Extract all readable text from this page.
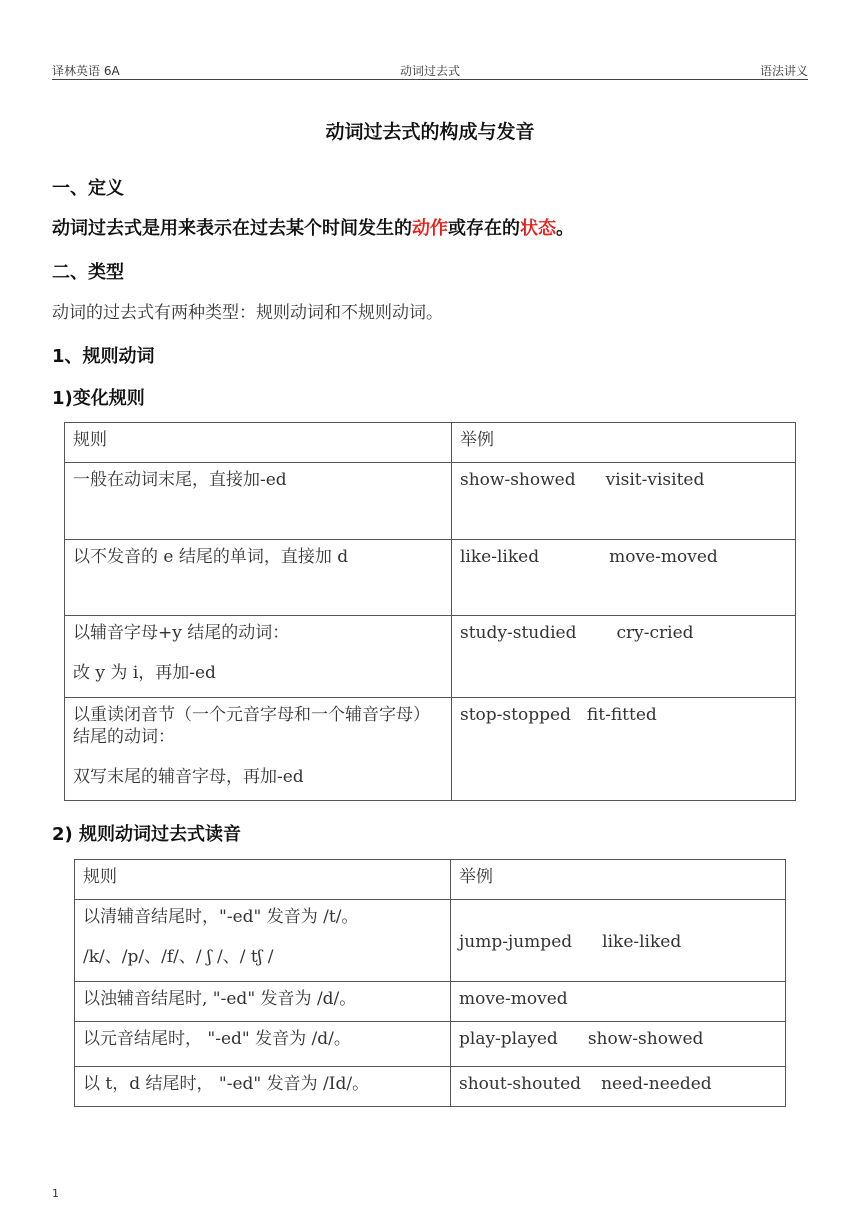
译林英语 6A	动词过去式	语法讲义
动词过去式的构成与发音
一、定义
动词过去式是用来表示在过去某个时间发生的动作或存在的状态。
二、类型
动词的过去式有两种类型：规则动词和不规则动词。
1、规则动词
1)变化规则
规则	举例
一般在动词末尾，直接加-ed	show-showed visit-visited
以不发音的 e 结尾的单词，直接加 d	like-liked move-moved

以辅音字母+y 结尾的动词：
改 y 为 i，再加-ed	study-studied cry-cried

以重读闭音节（一个元音字母和一个辅音字母）结尾的动词：
双写末尾的辅音字母，再加-ed	stop-stopped fit-fitted
2) 规则动词过去式读音
规则	举例

以清辅音结尾时，"-ed" 发音为 /t/。
/k/、/p/、/f/、/ ʃ /、/ tʃ /	jump-jumped like-liked
以浊辅音结尾时, "-ed" 发音为 /d/。	move-moved
以元音结尾时， "-ed" 发音为 /d/。	play-played show-showed
以 t，d 结尾时， "-ed" 发音为 /Id/。	shout-shouted need-needed
1
